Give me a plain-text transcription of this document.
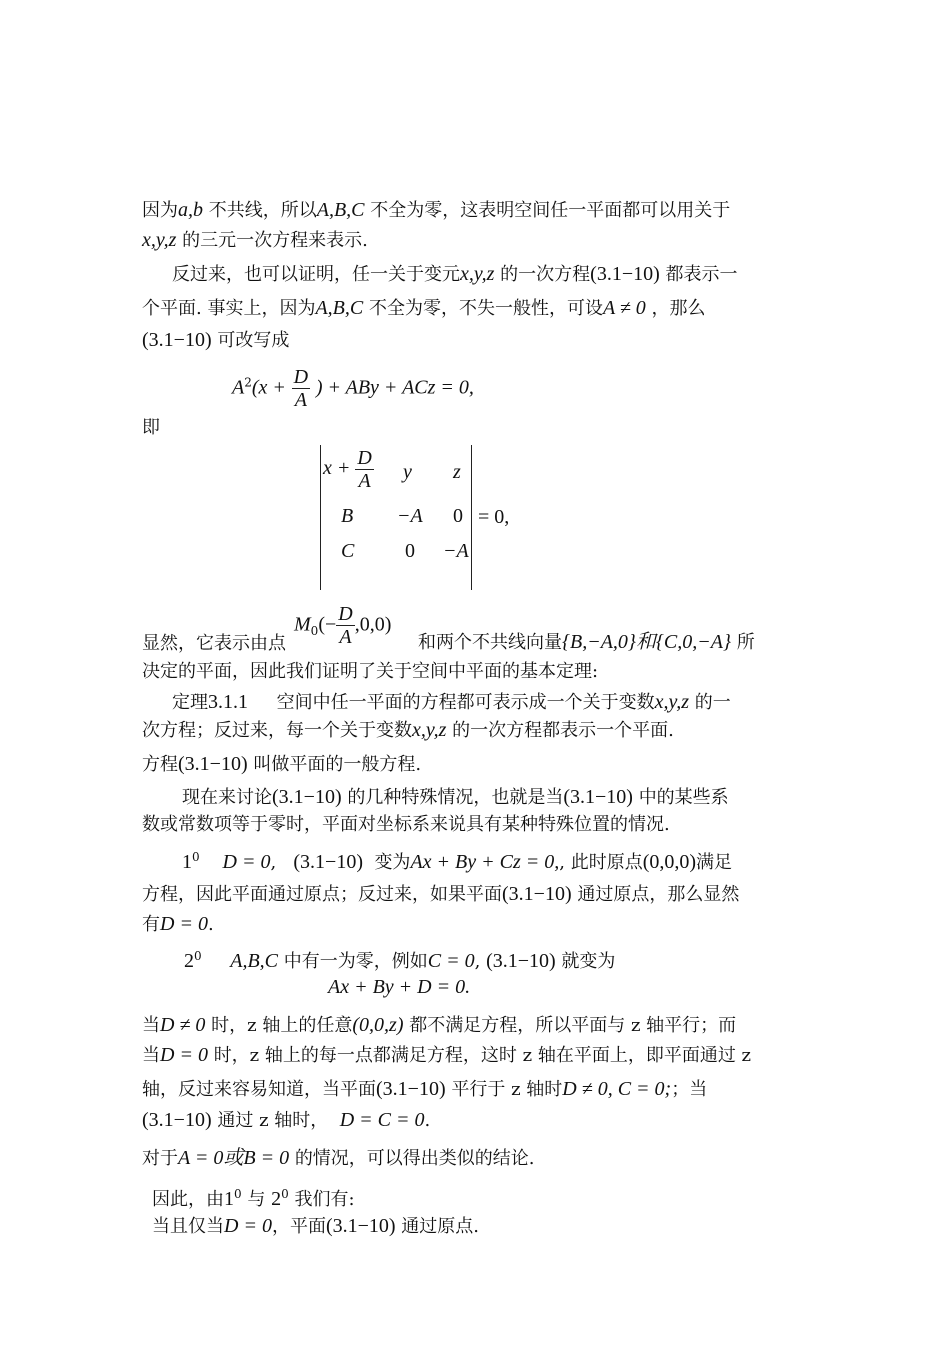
因为a,b 不共线，所以A,B,C 不全为零，这表明空间任一平面都可以用关于
x,y,z 的三元一次方程来表示.
反过来，也可以证明，任一关于变元x,y,z 的一次方程(3.1−10) 都表示一
个平面. 事实上，因为A,B,C 不全为零，不失一般性，可设A ≠ 0 ，那么
(3.1−10) 可改写成
$A^2(x + \frac{D}{A}$ ) + ABy + ACz = 0,
即
$x + \frac{D}{A}$ y z
B −A 0
C	0 −A
= 0,
显然，它表示由点
$M_0(- \frac{D}{A} ,0,0)$
和两个不共线向量{B,−A,0}和{C,0,−A} 所
决定的平面，因此我们证明了关于空间中平面的基本定理:
定理3.1.1 空间中任一平面的方程都可表示成一个关于变数x,y,z 的一
次方程；反过来，每一个关于变数x,y,z 的一次方程都表示一个平面.
方程(3.1−10) 叫做平面的一般方程.
现在来讨论(3.1−10) 的几种特殊情况，也就是当(3.1−10) 中的某些系
数或常数项等于零时，平面对坐标系来说具有某种特殊位置的情况.
$1^0$ D = 0,   (3.1−10) 变为Ax + By + Cz = 0,, 此时原点(0,0,0)满足
方程，因此平面通过原点；反过来，如果平面(3.1−10) 通过原点，那么显然
有D = 0.
$2^0$ A,B,C 中有一为零，例如C = 0, (3.1−10) 就变为
Ax + By + D = 0.
当D ≠ 0 时，z 轴上的任意(0,0,z) 都不满足方程，所以平面与 z 轴平行；而
当D = 0 时，z 轴上的每一点都满足方程，这时 z 轴在平面上，即平面通过 z
轴，反过来容易知道，当平面(3.1−10) 平行于 z 轴时D ≠ 0, C = 0;；当
(3.1−10) 通过 z 轴时， D = C = 0.
对于A = 0或B = 0 的情况，可以得出类似的结论.
因此，由$1^0$ 与 $2^0$ 我们有:
当且仅当D = 0，平面(3.1−10) 通过原点.
